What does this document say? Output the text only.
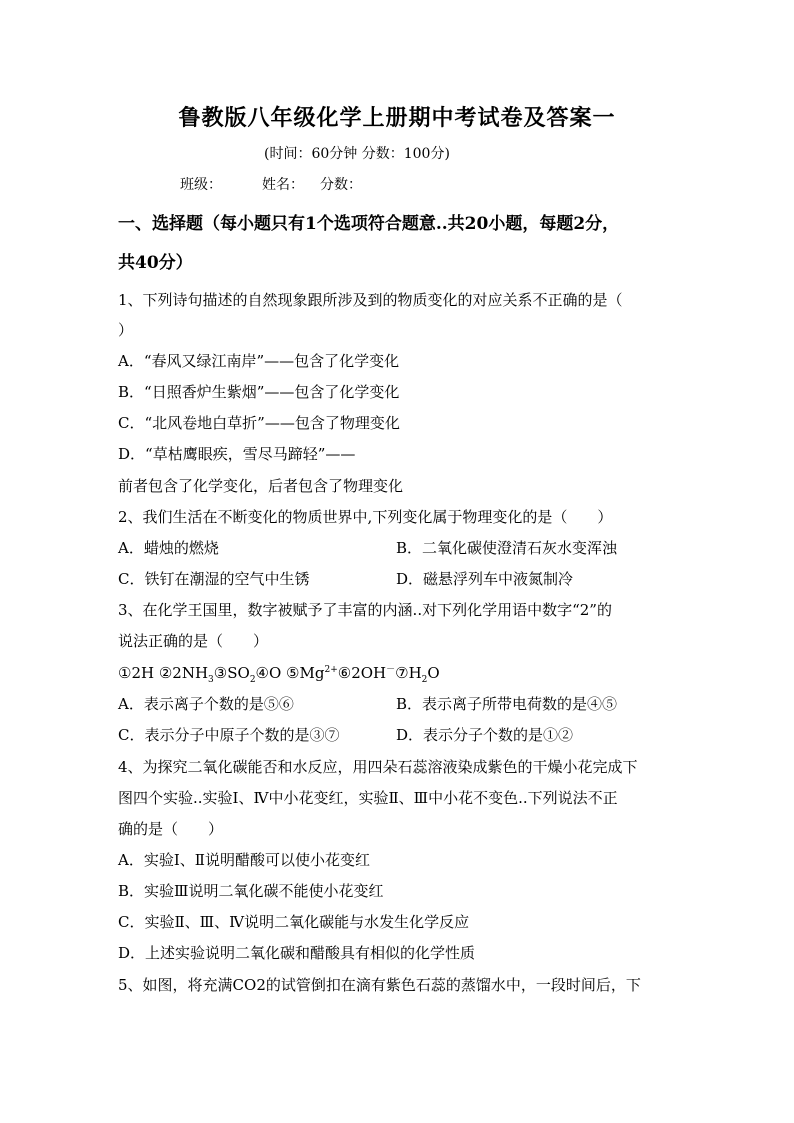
鲁教版八年级化学上册期中考试卷及答案一
(时间：60分钟 分数：100分)
班级：	姓名： 分数：
一、选择题（每小题只有1个选项符合题意..共20小题，每题2分，
共40分）
1、下列诗句描述的自然现象跟所涉及到的物质变化的对应关系不正确的是（
）
A．“春风又绿江南岸”——包含了化学变化
B．“日照香炉生紫烟”——包含了化学变化
C．“北风卷地白草折”——包含了物理变化
D．“草枯鹰眼疾，雪尽马蹄轻”——
前者包含了化学变化，后者包含了物理变化
2、我们生活在不断变化的物质世界中,下列变化属于物理变化的是（　　）
A．蜡烛的燃烧	B．二氧化碳使澄清石灰水变浑浊
C．铁钉在潮湿的空气中生锈	D．磁悬浮列车中液氮制冷
3、在化学王国里，数字被赋予了丰富的内涵..对下列化学用语中数字“2”的
说法正确的是（　　）
①2H $②2NH_3③SO_2④O$ $⑤Mg^{2+}⑥2OH^-⑦H_2O$
A．表示离子个数的是⑤⑥	B．表示离子所带电荷数的是④⑤
C．表示分子中原子个数的是③⑦	D．表示分子个数的是①②
4、为探究二氧化碳能否和水反应，用四朵石蕊溶液染成紫色的干燥小花完成下
图四个实验..实验Ⅰ、Ⅳ中小花变红，实验Ⅱ、Ⅲ中小花不变色..下列说法不正
确的是（　　）
A．实验Ⅰ、Ⅱ说明醋酸可以使小花变红
B．实验Ⅲ说明二氧化碳不能使小花变红
C．实验Ⅱ、Ⅲ、Ⅳ说明二氧化碳能与水发生化学反应
D．上述实验说明二氧化碳和醋酸具有相似的化学性质
5、如图，将充满CO2的试管倒扣在滴有紫色石蕊的蒸馏水中，一段时间后，下
